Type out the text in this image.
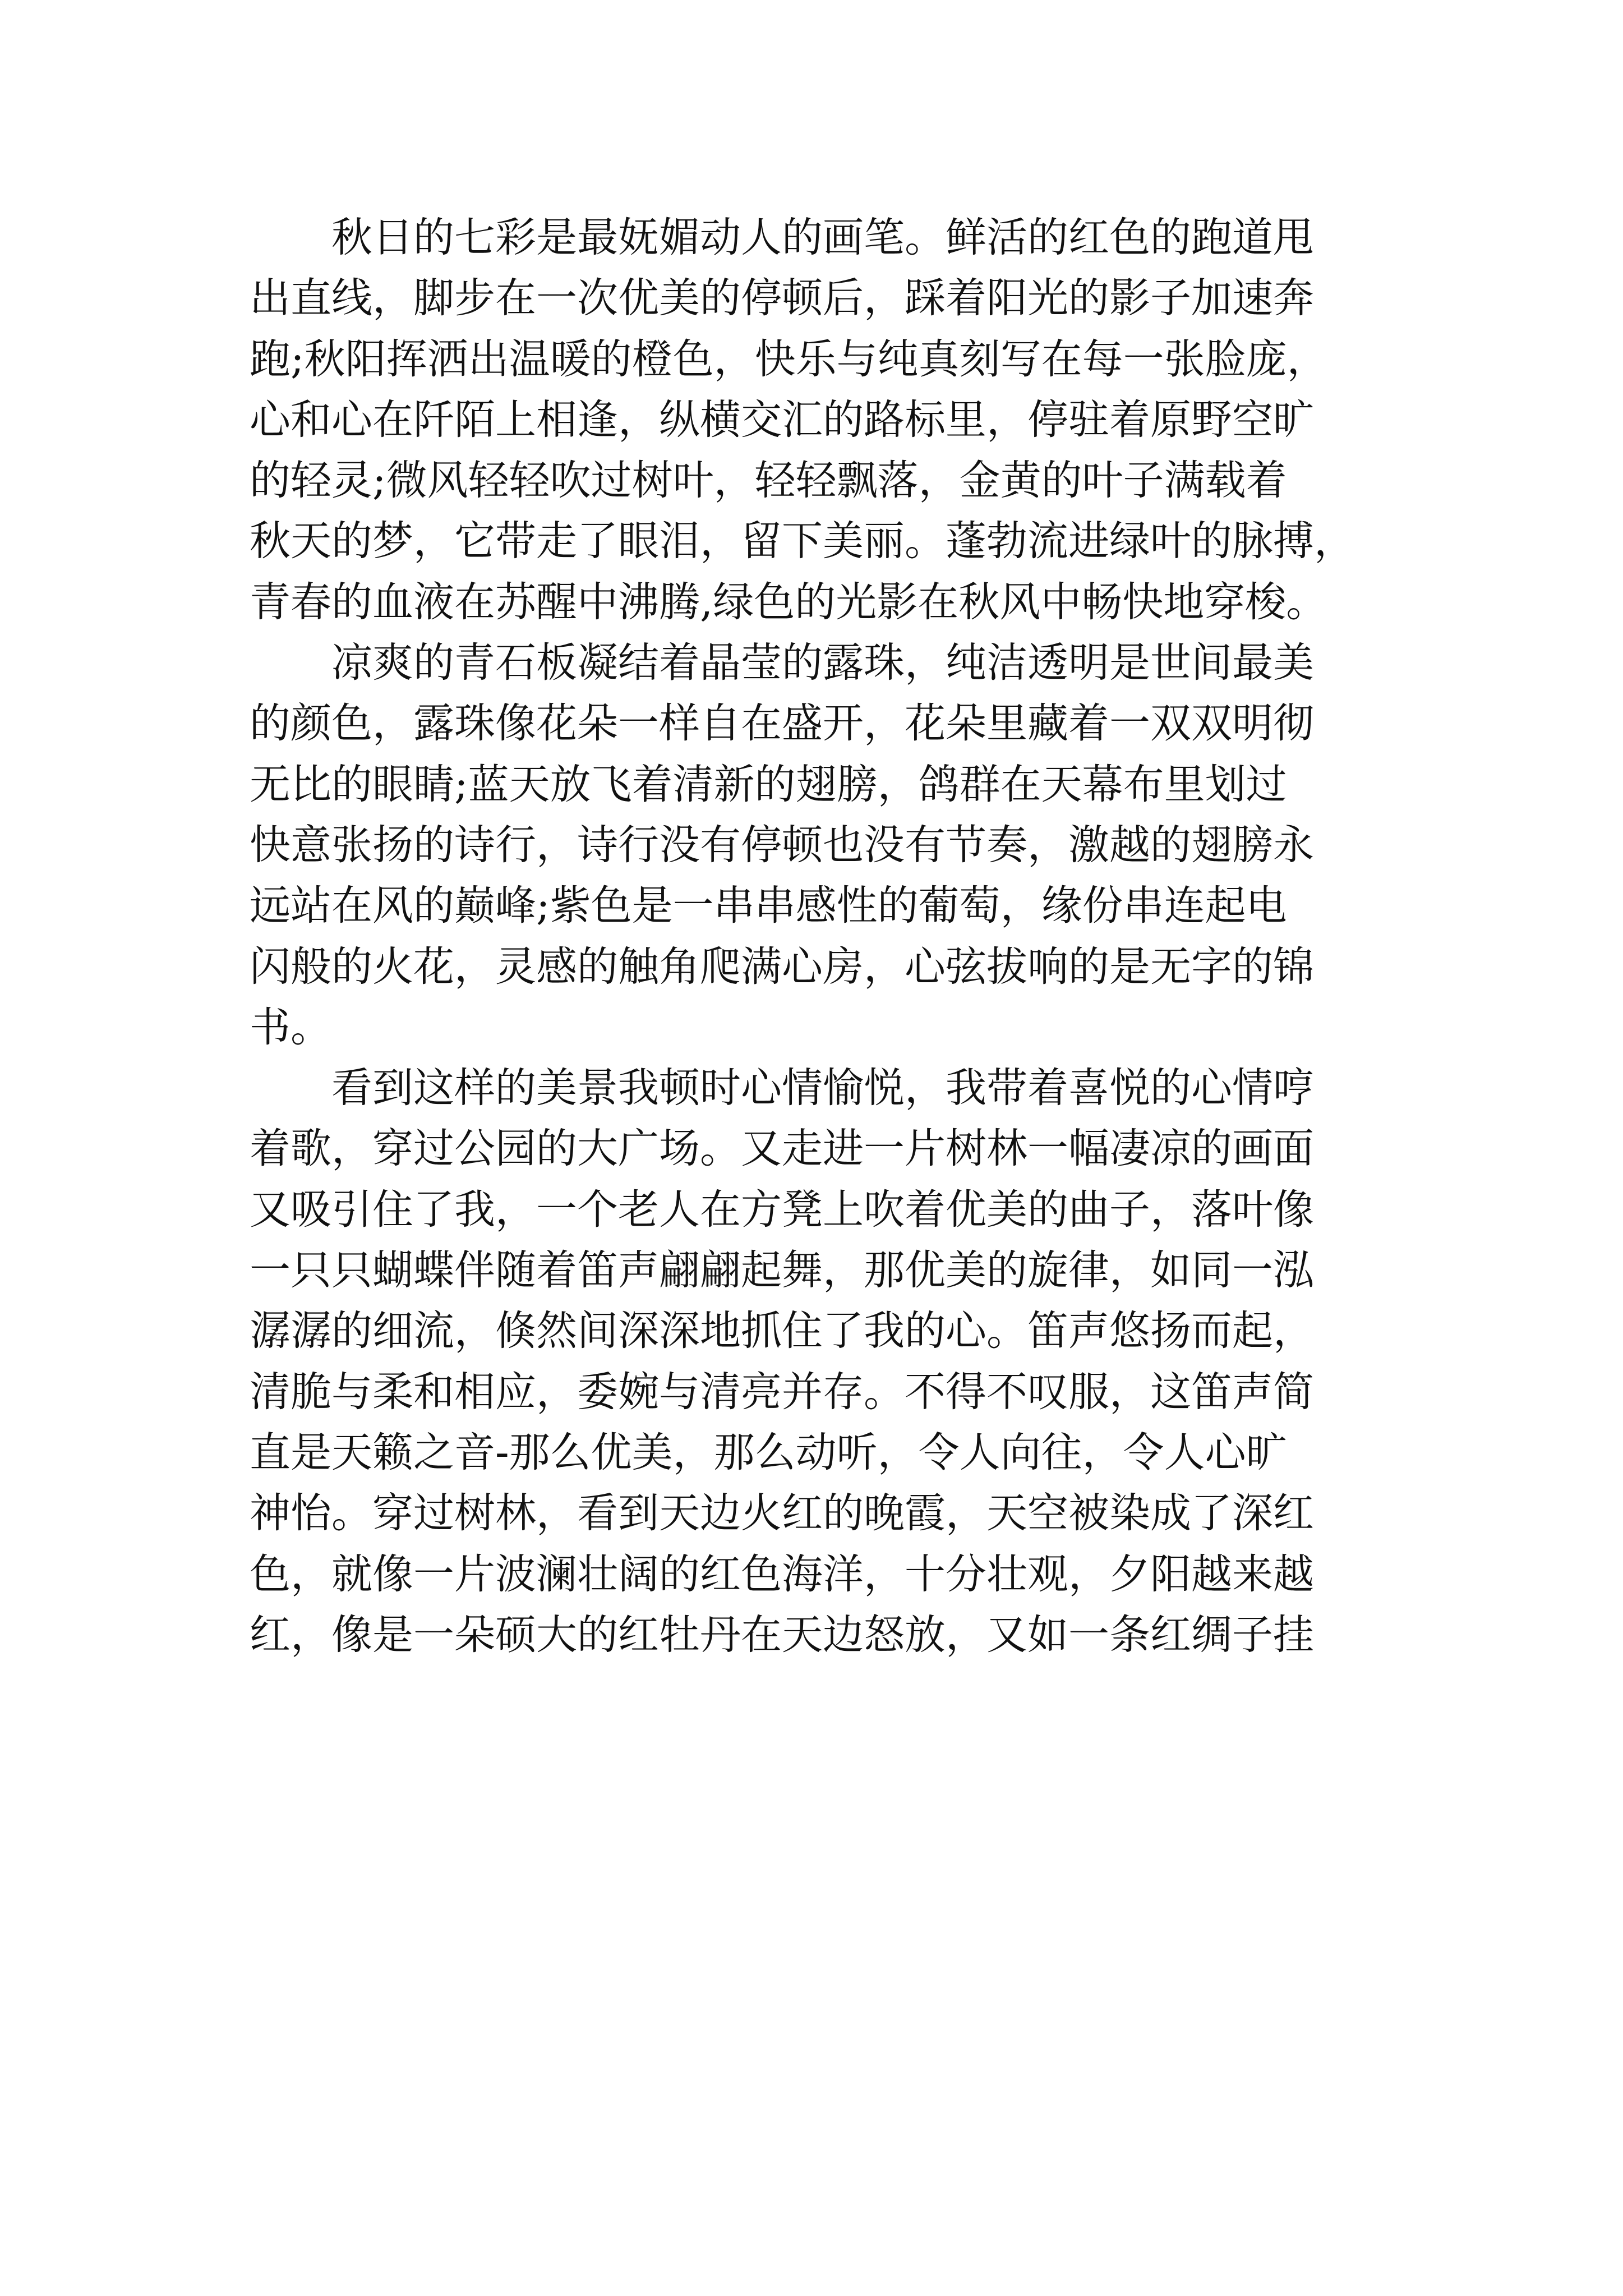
秋日的七彩是最妩媚动人的画笔。鲜活的红色的跑道甩
出直线，脚步在一次优美的停顿后，踩着阳光的影子加速奔
跑;秋阳挥洒出温暖的橙色，快乐与纯真刻写在每一张脸庞，
心和心在阡陌上相逢，纵横交汇的路标里，停驻着原野空旷
的轻灵;微风轻轻吹过树叶，轻轻飘落，金黄的叶子满载着
秋天的梦，它带走了眼泪，留下美丽。蓬勃流进绿叶的脉搏，
青春的血液在苏醒中沸腾,绿色的光影在秋风中畅快地穿梭。
凉爽的青石板凝结着晶莹的露珠，纯洁透明是世间最美
的颜色，露珠像花朵一样自在盛开，花朵里藏着一双双明彻
无比的眼睛;蓝天放飞着清新的翅膀，鸽群在天幕布里划过
快意张扬的诗行，诗行没有停顿也没有节奏，激越的翅膀永
远站在风的巅峰;紫色是一串串感性的葡萄，缘份串连起电
闪般的火花，灵感的触角爬满心房，心弦拔响的是无字的锦
书。
看到这样的美景我顿时心情愉悦，我带着喜悦的心情哼
着歌，穿过公园的大广场。又走进一片树林一幅凄凉的画面
又吸引住了我，一个老人在方凳上吹着优美的曲子，落叶像
一只只蝴蝶伴随着笛声翩翩起舞，那优美的旋律，如同一泓
潺潺的细流，倏然间深深地抓住了我的心。笛声悠扬而起，
清脆与柔和相应，委婉与清亮并存。不得不叹服，这笛声简
直是天籁之音-那么优美，那么动听，令人向往，令人心旷
神怡。穿过树林，看到天边火红的晚霞，天空被染成了深红
色，就像一片波澜壮阔的红色海洋，十分壮观，夕阳越来越
红，像是一朵硕大的红牡丹在天边怒放，又如一条红绸子挂
